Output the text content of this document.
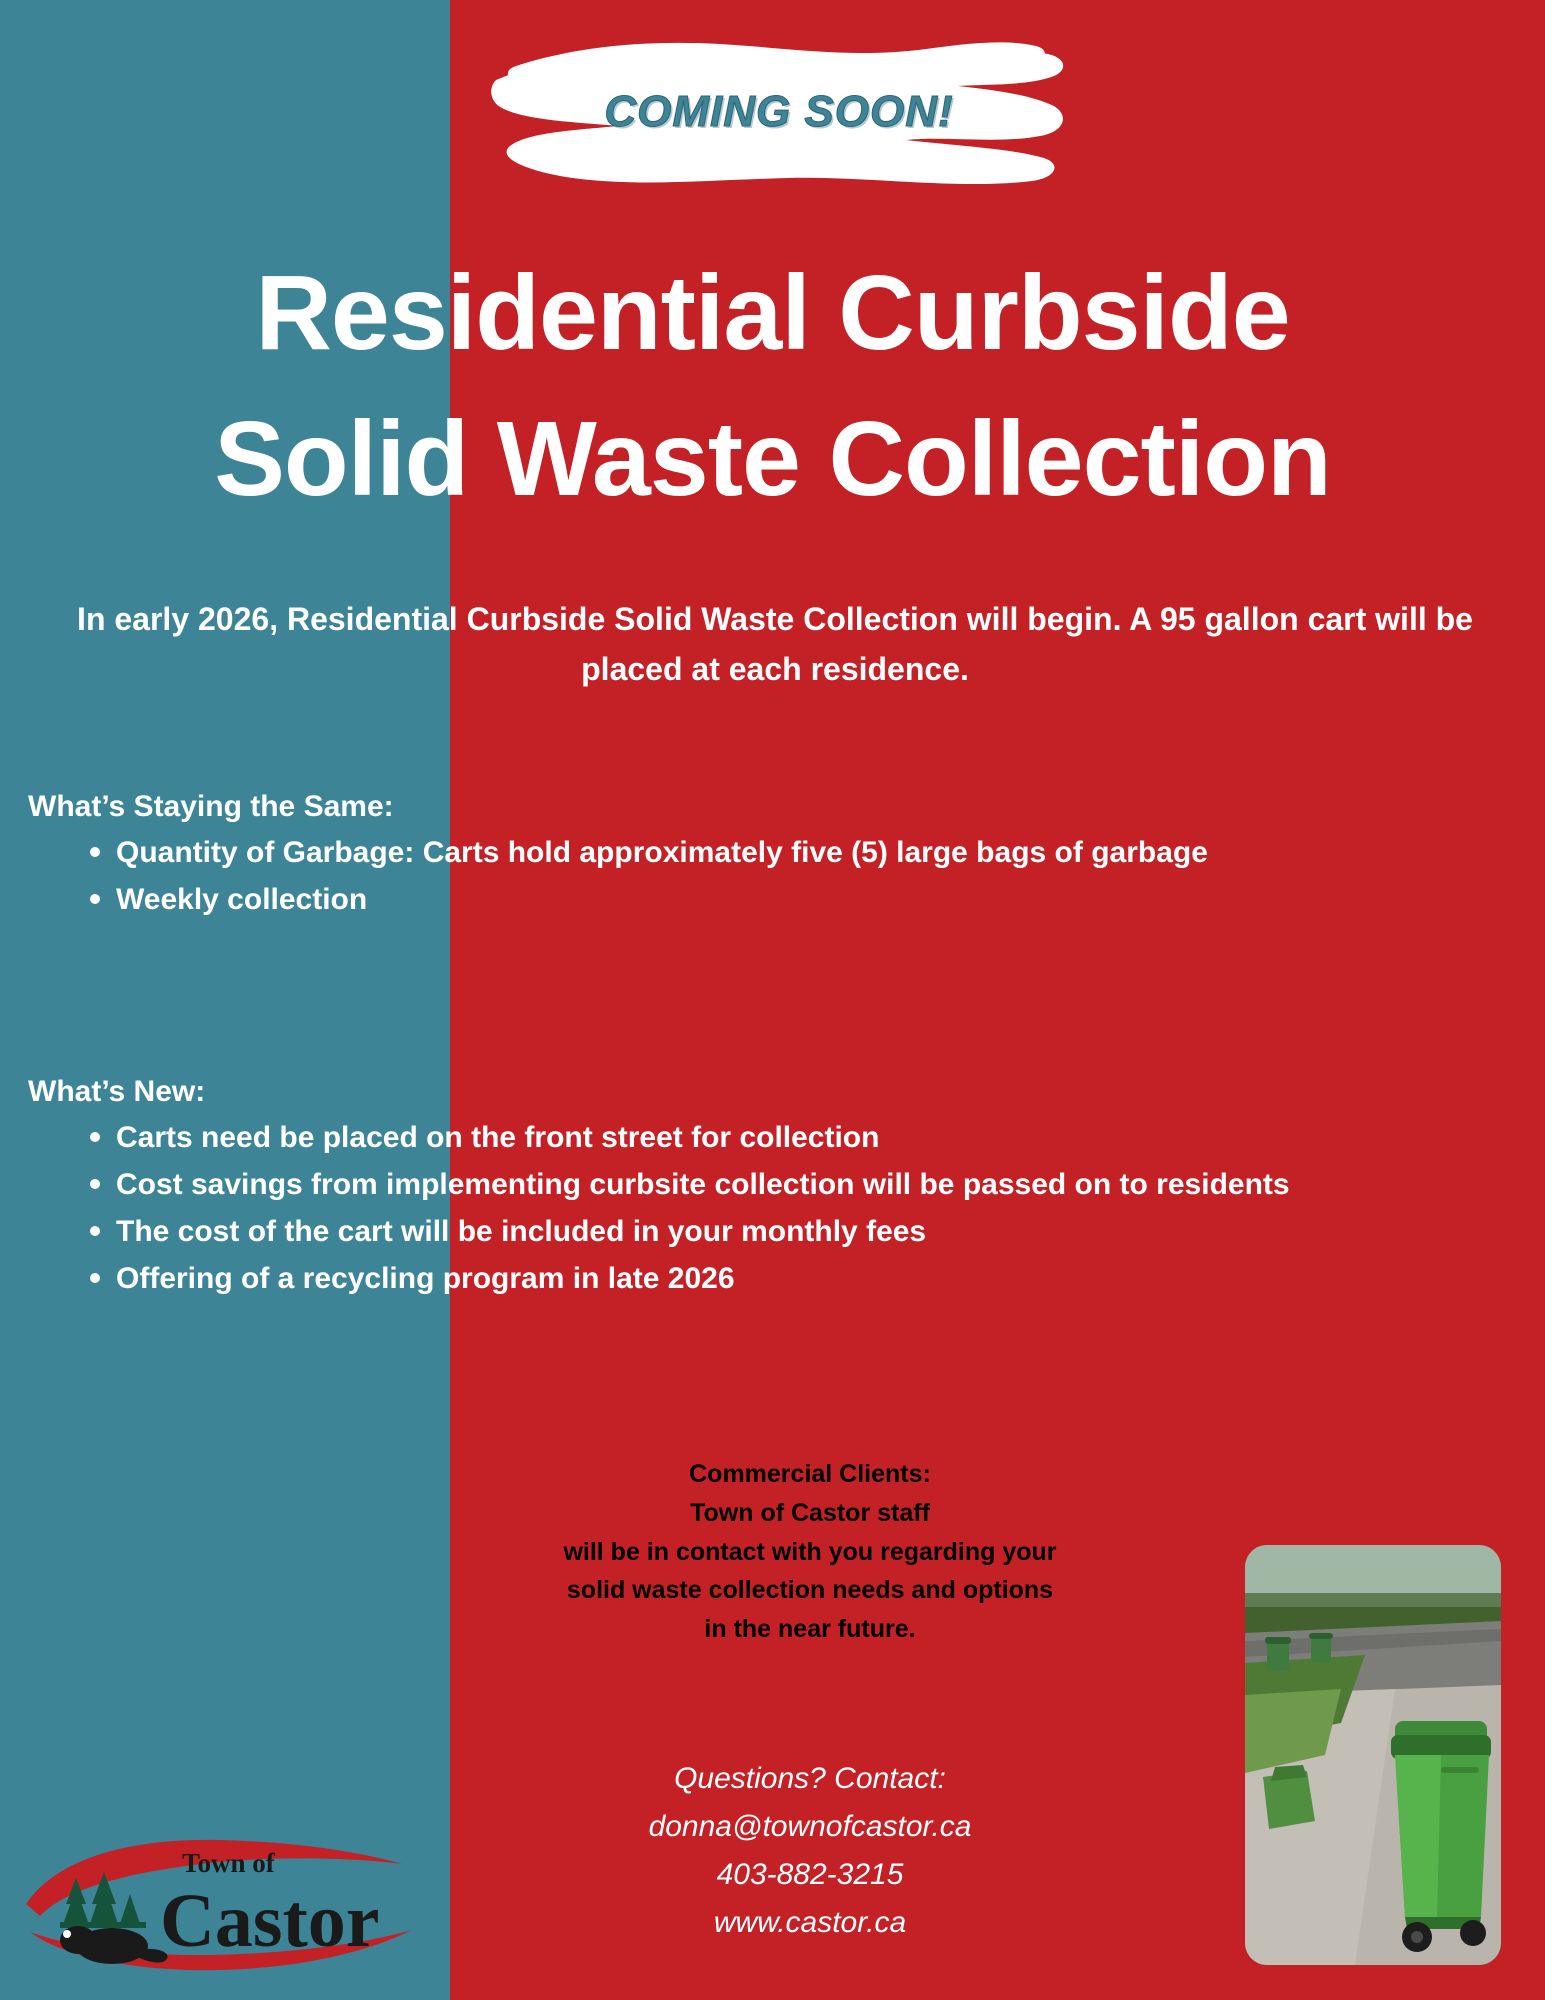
COMING SOON!
Residential Curbside
Solid Waste Collection
In early 2026, Residential Curbside Solid Waste Collection will begin. A 95 gallon cart will be placed at each residence.

What’s Staying the Same:

Quantity of Garbage: Carts hold approximately five (5) large bags of garbage
Weekly collection

What’s New:

Carts need be placed on the front street for collection
Cost savings from implementing curbsite collection will be passed on to residents
The cost of the cart will be included in your monthly fees
Offering of a recycling program in late 2026
Commercial Clients:
Town of Castor staff
will be in contact with you regarding your
solid waste collection needs and options
in the near future.
Questions? Contact:
donna@townofcastor.ca
403-882-3215
www.castor.ca
Town of
Castor
